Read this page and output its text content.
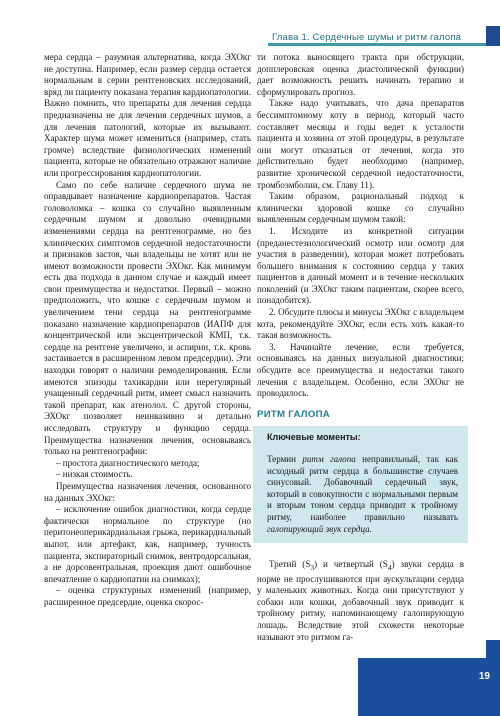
Глава 1. Сердечные шумы и ритм галопа

мера сердца – разумная альтернатива, когда ЭХОкг не доступна. Например, если размер сердца остается нормальным в серии рентгеновских исследований, вряд ли пациенту показана терапия кардиопатологии. Важно помнить, что препараты для лечения сердца предназначены не для лечения сердечных шумов, а для лечения патологий, которые их вызывают. Характер шума может измениться (например, стать громче) вследствие физиологических изменений пациента, которые не обязательно отражают наличие или прогрессирования кардиопатологии.

Само по себе наличие сердечного шума не оправдывает назначение кардиопрепаратов. Частая головоломка – кошка со случайно выявленным сердечным шумом и довольно очевидными изменениями сердца на рентгенограмме, но без клинических симптомов сердечной недостаточности и признаков застоя, чьи владельцы не хотят или не имеют возможности провести ЭХОкг. Как минимум есть два подхода в данном случае и каждый имеет свои преимущества и недостатки. Первый – можно предположить, что кошке с сердечным шумом и увеличением тени сердца на рентгенограмме показано назначение кардиопрепаратов (ИАПФ для концентрической или эксцентрической КМП, т.к. сердце на рентгене увеличено, и аспирин, т.к. кровь застаивается в расширенном левом предсердии). Эти находки говорят о наличии ремоделирования. Если имеются эпизоды тахикардии или нерегулярный учащенный сердечный ритм, имеет смысл назначить такой препарат, как атенолол. С другой стороны, ЭХОкг позволяет неинвазивно и детально исследовать структуру и функцию сердца. Преимущества назначения лечения, основываясь только на рентгенографии:

– простота диагностического метода;

– низкая стоимость.

Преимущества назначения лечения, основанного на данных ЭХОкг:

– исключение ошибок диагностики, когда сердце фактически нормальное по структуре (но перитонеоперикардиальная грыжа, перикардиальный выпот, или артефакт, как, например, тучность пациента, экспираторный снимок, вентродорсальная, а не дорсовентральная, проекция дают ошибочное впечатление о кардиопатии на снимках);

– оценка структурных изменений (например, расширенное предсердие, оценка скорос-

ти потока выносящего тракта при обструкции, допплеровская оценка диастолической функции) дает возможность решить начинать терапию и сформулировать прогноз.

Также надо учитывать, что дача препаратов бессимптомному коту в период, который часто составляет месяцы и годы ведет к усталости пациента и хозяина от этой процедуры, в результате они могут отказаться от лечения, когда это действительно будет необходимо (например, развитие хронической сердечной недостаточности, тромбоэмболии, см. Главу 11).

Таким образом, рациональный подход к клинически здоровой кошке со случайно выявленным сердечным шумом такой:

1. Исходите из конкретной ситуации (преданестезиологический осмотр или осмотр для участия в разведении), которая может потребовать большего внимания к состоянию сердца у таких пациентов в данный момент и в течение нескольких поколений (и ЭХОкг таким пациентам, скорее всего, понадобится).

2. Обсудите плюсы и минусы ЭХОкг с владельцем кота, рекомендуйте ЭХОкг, если есть хоть какая-то такая возможность.

3. Начинайте лечение, если требуется, основываясь на данных визуальной диагностики; обсудите все преимущества и недостатки такого лечения с владельцем. Особенно, если ЭХОкг не проводилось.

РИТМ ГАЛОПА
Ключевые моменты:
Термин ритм галопа неправильный, так как исходный ритм сердца в большинстве случаев синусовый. Добавочный сердечный звук, который в совокупности с нормальными первым и вторым тоном сердца приводит к тройному ритму, наиболее правильно называть галопирующий звук сердца.

Третий $(S_3)$ и четвертый $(S_4)$ звуки сердца в норме не прослушиваются при аускультации сердца у маленьких животных. Когда они присутствуют у собаки или кошки, добавочный звук приводит к тройному ритму, напоминающему галопирующую лошадь. Вследствие этой схожести некоторые называют это ритмом га-

19
